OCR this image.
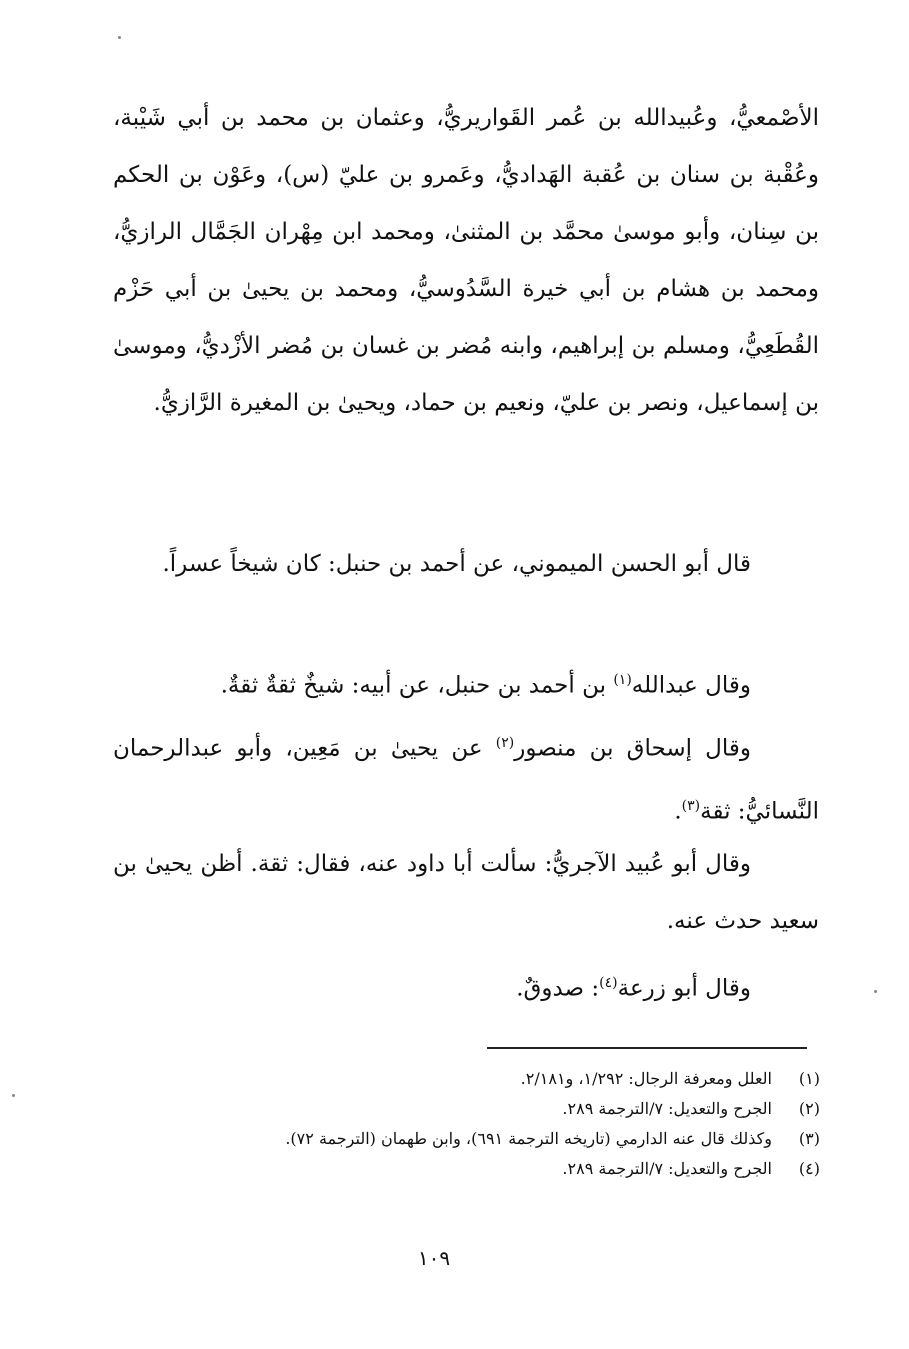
الأصْمعيُّ، وعُبيدالله بن عُمر القَواريريُّ، وعثمان بن محمد بن أبي شَيْبة، وعُقْبة بن سنان بن عُقبة الهَداديُّ، وعَمرو بن عليّ (س)، وعَوْن بن الحكم بن سِنان، وأبو موسىٰ محمَّد بن المثنىٰ، ومحمد ابن مِهْران الجَمَّال الرازيُّ، ومحمد بن هشام بن أبي خيرة السَّدُوسيُّ، ومحمد بن يحيىٰ بن أبي حَزْم القُطَعِيُّ، ومسلم بن إبراهيم، وابنه مُضر بن غسان بن مُضر الأزْديُّ، وموسىٰ بن إسماعيل، ونصر بن عليّ، ونعيم بن حماد، ويحيىٰ بن المغيرة الرَّازيُّ.
قال أبو الحسن الميموني، عن أحمد بن حنبل: كان شيخاً عسراً.
وقال عبدالله$^{(١)}$ بن أحمد بن حنبل، عن أبيه: شيخٌ ثقةٌ ثقةٌ.
وقال إسحاق بن منصور$^{(٢)}$ عن يحيىٰ بن مَعِين، وأبو عبدالرحمان النَّسائيُّ: ثقة$^{(٣)}$.
وقال أبو عُبيد الآجريُّ: سألت أبا داود عنه، فقال: ثقة. أظن يحيىٰ بن سعيد حدث عنه.
وقال أبو زرعة$^{(٤)}$: صدوقٌ.
(١)
العلل ومعرفة الرجال: ١/٢٩٢، و٢/١٨١.
(٢)
الجرح والتعديل: ٧/الترجمة ٢٨٩.
(٣)
وكذلك قال عنه الدارمي (تاريخه الترجمة ٦٩١)، وابن طهمان (الترجمة ٧٢).
(٤)
الجرح والتعديل: ٧/الترجمة ٢٨٩.
١٠٩
